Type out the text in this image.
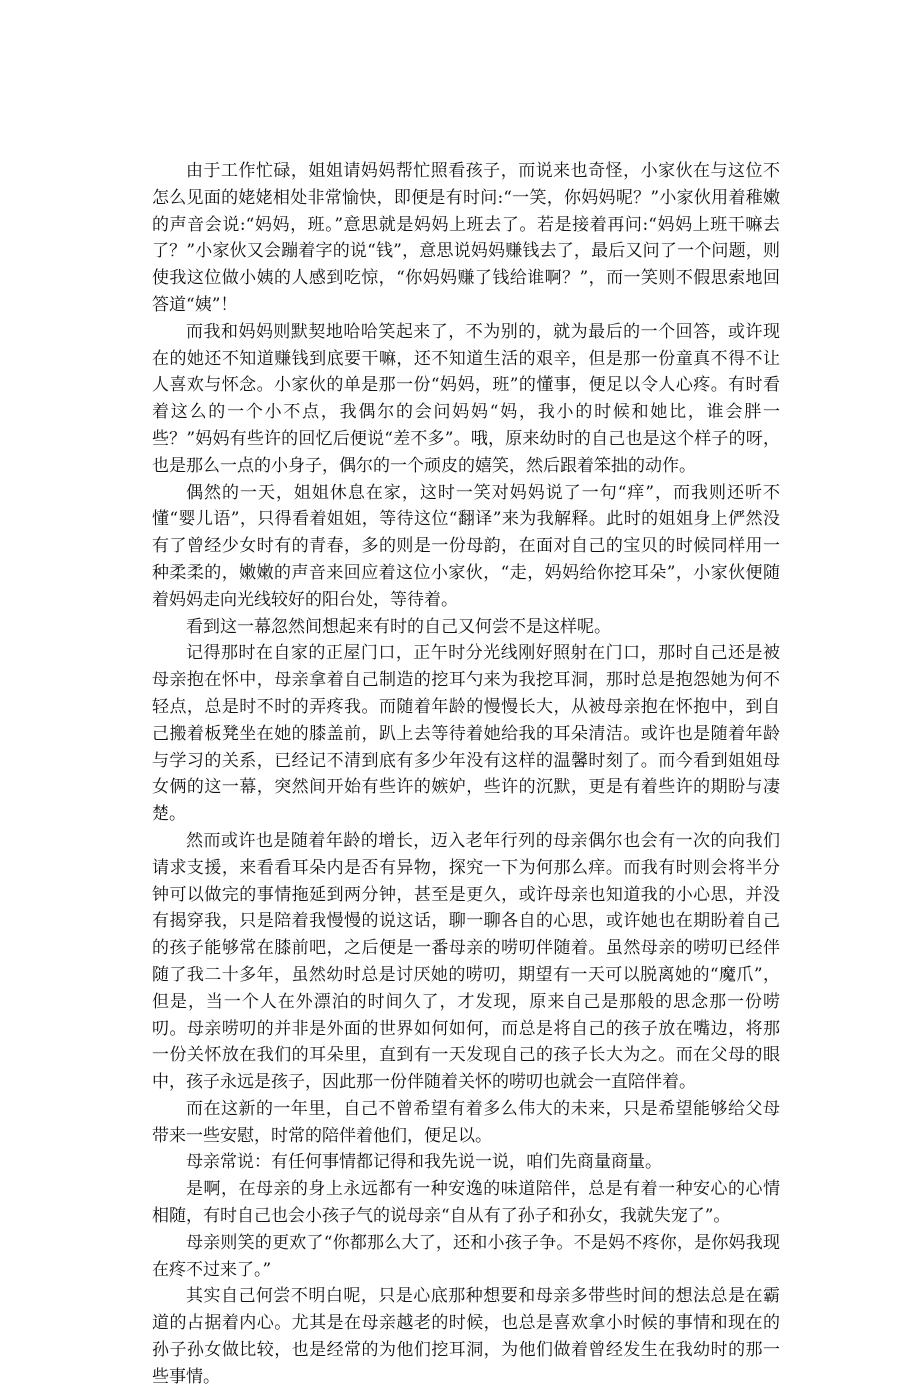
由于工作忙碌，姐姐请妈妈帮忙照看孩子，而说来也奇怪，小家伙在与这位不怎么见面的姥姥相处非常愉快，即便是有时问:“一笑，你妈妈呢？”小家伙用着稚嫩的声音会说:“妈妈，班。”意思就是妈妈上班去了。若是接着再问:“妈妈上班干嘛去了？”小家伙又会蹦着字的说“钱”，意思说妈妈赚钱去了，最后又问了一个问题，则使我这位做小姨的人感到吃惊，“你妈妈赚了钱给谁啊？”，而一笑则不假思索地回答道“姨”！

而我和妈妈则默契地哈哈笑起来了，不为别的，就为最后的一个回答，或许现在的她还不知道赚钱到底要干嘛，还不知道生活的艰辛，但是那一份童真不得不让人喜欢与怀念。小家伙的单是那一份“妈妈，班”的懂事，便足以令人心疼。有时看着这么的一个小不点，我偶尔的会问妈妈“妈，我小的时候和她比，谁会胖一些？”妈妈有些许的回忆后便说“差不多”。哦，原来幼时的自己也是这个样子的呀，也是那么一点的小身子，偶尔的一个顽皮的嬉笑，然后跟着笨拙的动作。

偶然的一天，姐姐休息在家，这时一笑对妈妈说了一句“痒”，而我则还听不懂“婴儿语”，只得看着姐姐，等待这位“翻译”来为我解释。此时的姐姐身上俨然没有了曾经少女时有的青春，多的则是一份母韵，在面对自己的宝贝的时候同样用一种柔柔的，嫩嫩的声音来回应着这位小家伙，“走，妈妈给你挖耳朵”，小家伙便随着妈妈走向光线较好的阳台处，等待着。

看到这一幕忽然间想起来有时的自己又何尝不是这样呢。

记得那时在自家的正屋门口，正午时分光线刚好照射在门口，那时自己还是被母亲抱在怀中，母亲拿着自己制造的挖耳勺来为我挖耳洞，那时总是抱怨她为何不轻点，总是时不时的弄疼我。而随着年龄的慢慢长大，从被母亲抱在怀抱中，到自己搬着板凳坐在她的膝盖前，趴上去等待着她给我的耳朵清洁。或许也是随着年龄与学习的关系，已经记不清到底有多少年没有这样的温馨时刻了。而今看到姐姐母女俩的这一幕，突然间开始有些许的嫉妒，些许的沉默，更是有着些许的期盼与凄楚。

然而或许也是随着年龄的增长，迈入老年行列的母亲偶尔也会有一次的向我们请求支援，来看看耳朵内是否有异物，探究一下为何那么痒。而我有时则会将半分钟可以做完的事情拖延到两分钟，甚至是更久，或许母亲也知道我的小心思，并没有揭穿我，只是陪着我慢慢的说这话，聊一聊各自的心思，或许她也在期盼着自己的孩子能够常在膝前吧，之后便是一番母亲的唠叨伴随着。虽然母亲的唠叨已经伴随了我二十多年，虽然幼时总是讨厌她的唠叨，期望有一天可以脱离她的“魔爪”，但是，当一个人在外漂泊的时间久了，才发现，原来自己是那般的思念那一份唠叨。母亲唠叨的并非是外面的世界如何如何，而总是将自己的孩子放在嘴边，将那一份关怀放在我们的耳朵里，直到有一天发现自己的孩子长大为之。而在父母的眼中，孩子永远是孩子，因此那一份伴随着关怀的唠叨也就会一直陪伴着。

而在这新的一年里，自己不曾希望有着多么伟大的未来，只是希望能够给父母带来一些安慰，时常的陪伴着他们，便足以。

母亲常说：有任何事情都记得和我先说一说，咱们先商量商量。

是啊，在母亲的身上永远都有一种安逸的味道陪伴，总是有着一种安心的心情相随，有时自己也会小孩子气的说母亲“自从有了孙子和孙女，我就失宠了”。

母亲则笑的更欢了“你都那么大了，还和小孩子争。不是妈不疼你，是你妈我现在疼不过来了。”

其实自己何尝不明白呢，只是心底那种想要和母亲多带些时间的想法总是在霸道的占据着内心。尤其是在母亲越老的时候，也总是喜欢拿小时候的事情和现在的孙子孙女做比较，也是经常的为他们挖耳洞，为他们做着曾经发生在我幼时的那一些事情。
